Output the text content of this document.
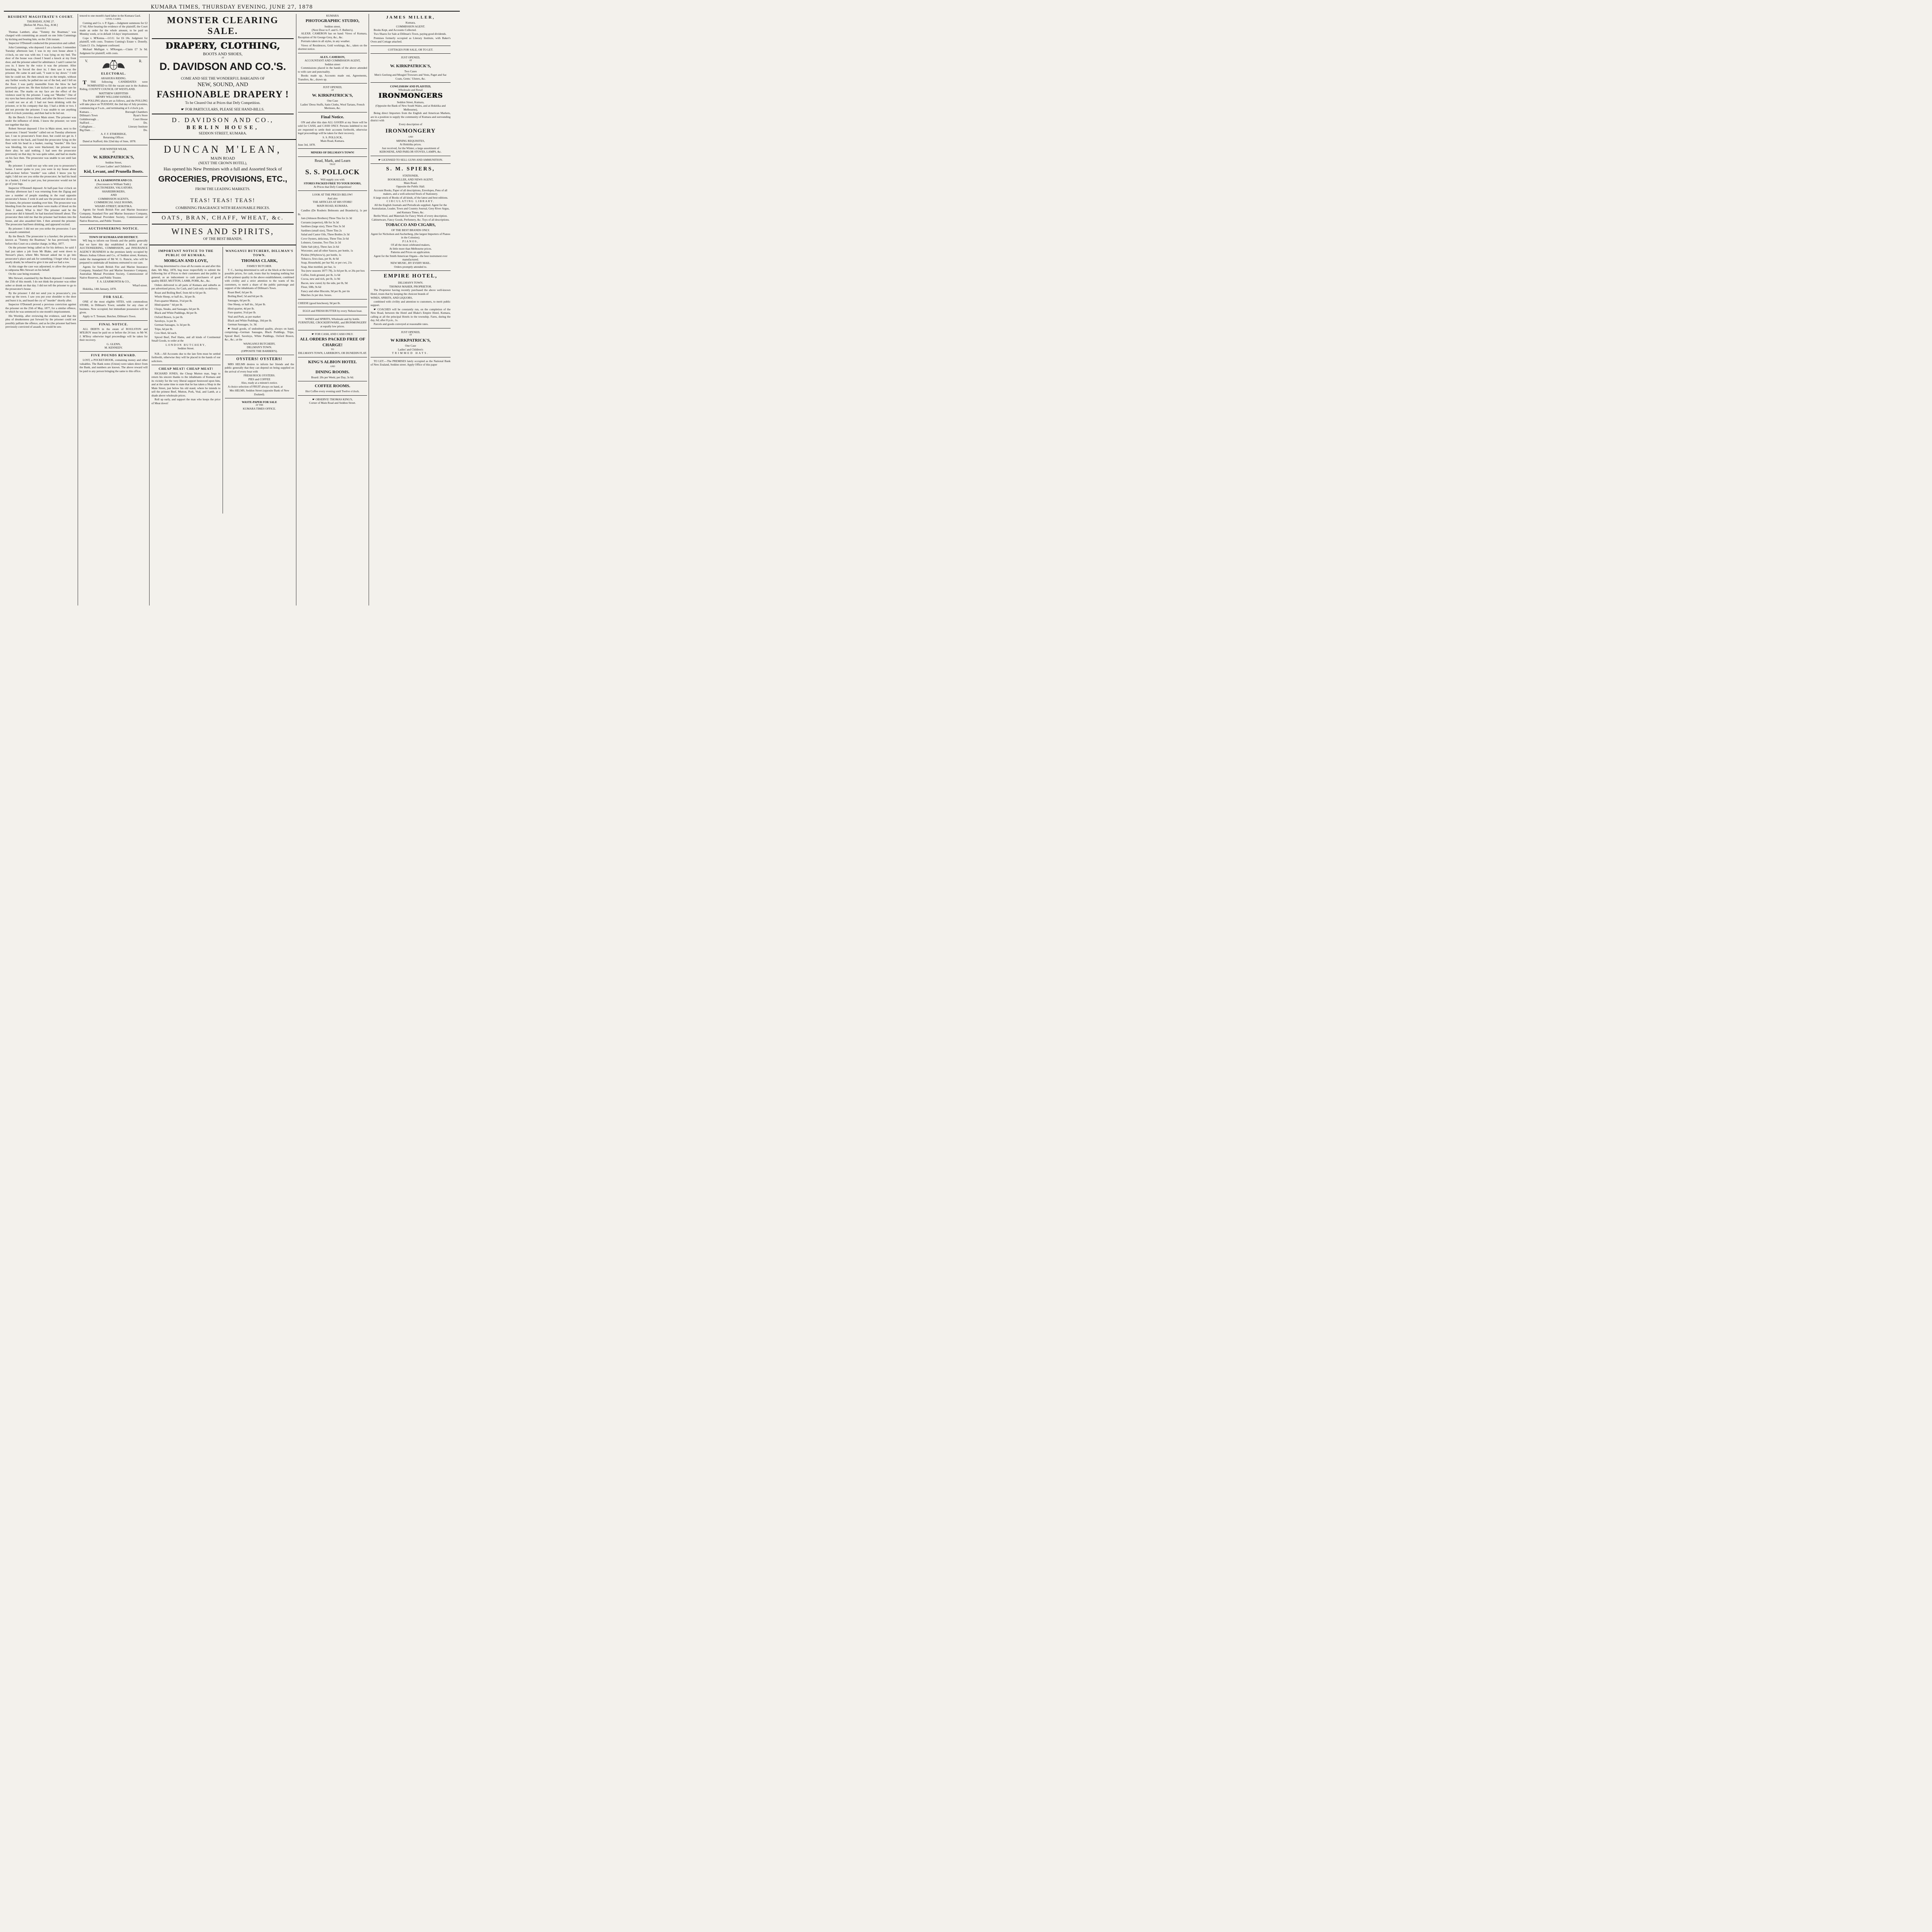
KUMARA TIMES, THURSDAY EVENING, JUNE 27, 1878
RESIDENT MAGISTRATE'S COURT.
THURSDAY, JUNE 27.
[Before M. Price, Esq., R.M.]
ASSAULT.
Thomas Lambert, alias "Tommy the Boatman," was charged with committing an assault on one John Cummings by kicking and beating him, on the 25th instant.
Inspector O'Donnell conducted the prosecution and called:
John Cummings, who deposed: I am a hawker. I remember Tuesday afternoon last; I was in my own house about 5 o'clock, no one was with me; I was lying on my bed. The door of the house was closed I heard a knock at my front door, and the prisoner asked for admittance. I said I cannot let you in. I knew by the voice it was the prisoner. After knocking, he forced the door in; I then saw it was the prisoner. He came in and said, "I want to lay down." I told him he could not. He then struck me on the temple, without any further words; he pulled me out of the bed, and I fell on the floor. I was partly insensible from the blow he had previously given me. He then kicked me; I am quite sure he kicked me. The marks on my face are the effect of the violence used by the prisoner. I sang out "Murder." One of my eyes has been always blind, and after the blows I received I could not see at all. I had not been drinking with the prisoner, or in his company that day. I had a drink or two. I did not provoke the prisoner. I was unable to see anything until 4 o'clock yesterday, and then had to be led out.
By the Bench: I live down Main street. The prisoner was under the influence of drink. I know the prisoner; we were not together that day.
Robert Stewart deposed: I live in Main street, next to the prosecutor. I heard "murder" called out on Tuesday afternoon last. I ran to prosecutor's front door, but could not get in. I then went to the back, and found the prosecutor lying on the floor with his head in a basket, roaring "murder." His face was bleeding, his eyes were blackened; the prisoner was there also; he said nothing. I had seen the prosecutor previously on that day; he was quite sober, and had no marks on his face then. The prosecutor was unable to see until last night.
By prisoner: I could not say who sent you to prosecutor's house. I never spoke to you; you were in my house about half-an-hour before "murder" was called. I know you by sight; I did not see you strike the prosecutor; he had his head in a basket, I tried to part you, but prosecutor would not let go of your legs.
Inspector O'Donnell deposed: At half-past four o'clock on Tuesday afternoon last I was returning from the Zigzag and saw a number of people standing in the road opposite prosecutor's house. I went in and saw the prosecutor down on his knees, the prisoner standing over him. The prosecutor was bleeding from the nose and there were marks of blood on the floor. I asked, What is this? The prisoner said he the prosecutor did it himself; he had knocked himself about. The prosecutor then told me that the prisoner had broken into the house, and also assaulted him. I then arrested the prisoner. The prosecutor had been drinking, and appeared excited.
By prisoner: I did not see you strike the prosecutor. I saw no assault committed.
By the Bench: The prosecutor is a hawker; the prisoner is known as "Tommy the Boatman," he has previously been before this Court on a similar charge, in May, 1877.
On the prisoner being called on for his defence, he said: I had just taken a job from Mr Blake, and went down to Stewart's place, where Mrs Stewart asked me to go into prosecutor's place and ask for something; I forget what. I was nearly drunk; he refused to give it me and we had a row.
At this stage the case was adjourned, to allow the prisoner to subpoena Mrs Stewart on his behalf.
On the case being resumed,
Mrs Stewart, examined by the Bench deposed: I remember the 25th of this month. I do not think the prisoner was either sober or drunk on that day. I did not tell the prisoner to go to the prosecutor's house.
By the prisoner: I did not send you to prosecutor's; you went up the town. I saw you put your shoulder to the door and burst it in, and heard the cry of "murder" shortly after.
Inspector O'Donnell proved a previous conviction against the prisoner on the 25th of May, 1877, for a similar offence, in which he was sentenced to one month's imprisonment.
His Worship, after reviewing the evidence, said that the plea of drunkenness put forward by the prisoner could not possibly palliate the offence, and as he (the prisoner had been previously convicted of assault, he would be sen-
tenced to one month's hard labor in the Kumara Gaol.
CIVIL CASES.
Cuming and Co. v. P. Egan.—Judgment summons for £2 17 6d. After hearing the evidence of the plaintiff, the Court made an order for the whole amount, to be paid on Monday week, or in default 14 days' imprisonment.
Cope v. M'Kenna.—I.O.U. for £6 10s. Judgment for plaintiff, with costs. Trustees Cuming's Estate v. Donelly. Claim £1 15s. Judgment confessed.
Michael Mulligan v. M'Keegan.—Claim £7 3s 9d. Judgment for plaintiff, with costs.
V.	R.
ELECTORAL.
ARAHURA RIDING.
T THE following CANDIDATES were NOMINATED to fill the vacant seat in the Arahura Riding, COUNTY COUNCIL OF WESTLAND.
MATTHEW GRIFFITHS
HENRY WILLIAM SANDLE.
The POLLING places are as follows, and the POLLING will take place on TUESDAY, the 2nd day of July proximo, commencing at 9 a.m., and terminating at 6 o'clock p.m.
Kumara . .	Borough Chambers
Dillman's Town	Ryan's Store
Goldsborough . .	Court House
Stafford . . .	Do.
Callaghans . .	Literary Institute
Big Dam . . .	Do.
A. F. F. ETHERIDGE,
Returning Officer.
Dated at Stafford, this 22nd day of June, 1878.
FOR WINTER WEAR,
AT
W. KIRKPATRICK'S,
Seddon Street,
6 Cases Ladies' and Children's
Kid, Levant, and Prunella Boots.
F. A. LEARMONTH AND CO.
(Successors to William Todd.)
AUCTIONEERS, VALUATORS.
SHAREBROKERS,
AND
COMMISSION AGENTS,
COMMERCIAL SALE ROOMS,
WHARF-STREET, HOKITIKA.
Agents for South British Fire and Marine Insurance Company, Standard Fire and Marine Insurance Company, Australian Mutual Provident Society, Commissioner of Native Reserves, and Public Trustee.
AUCTIONEERING NOTICE.
TOWN OF KUMARA AND DISTRICT.
WE beg to inform our friends and the public generally that we have this day established a Branch of our AUCTIONEERING, COMMISSION, and INSURANCE AGENCY BUSINESS in the premises lately occupied by Messrs Joshua Gibson and Co., of Seddon street, Kumara, under the management of Mr W. G. Runcie, who will be prepared to undertake all business entrusted to our care.
Agents for South British Fire and Marine Insurance Company, Standard Fire and Marine Insurance Company, Australian Mutual Provident Society, Commissioner of Native Reserves, and Public Trustee.
F. A. LEARMONTH & CO.,
Wharf-street.
Hokitika, 14th January, 1878.
FOR SALE.
ONE of the most eligible SITES, with commodious STORE, in Dillman's Town; suitable for any class of business. Now occupied, but immediate possession will be given.
Apply to T. Tennant, Butcher, Dillman's Town.
FINAL NOTICE.
ALL DEBTS in the estate of ROULSTON and M'ILROY must be paid on or before the 24 inst. to Mr W. J. M'Ilroy otherwise legal proceedings will be taken for their recovery.
G. GLENN,
M. KENNEDY.
FIVE POUNDS REWARD.
LOST, a POCKET-BOOK, containing money and other valuables. The Bank notes (Union) were taken direct from the Bank, and numbers are known. The above reward will be paid to any person bringing the same to this office.
MONSTER CLEARING SALE.
DRAPERY, CLOTHING,
BOOTS AND SHOES,
AT
D. DAVIDSON AND CO.'S.
COME AND SEE THE WONDERFUL BARGAINS OF
NEW, SOUND, AND
FASHIONABLE DRAPERY !
To be Cleared Out at Prices that Defy Competition.
☛ FOR PARTICULARS, PLEASE SEE HAND-BILLS.
D. DAVIDSON AND CO.,
BERLIN HOUSE,
SEDDON STREET, KUMARA.
DUNCAN M'LEAN,
MAIN ROAD
(NEXT THE CROWN HOTEL),
Has opened his New Premises with a full and Assorted Stock of
GROCERIES, PROVISIONS, ETC.,
FROM THE LEADING MARKETS.
TEAS! TEAS! TEAS!
COMBINING FRAGRANCE WITH REASONABLE PRICES.
OATS, BRAN, CHAFF, WHEAT, &c.
WINES AND SPIRITS,
OF THE BEST BRANDS.
IMPORTANT NOTICE TO THE PUBLIC OF KUMARA.
MORGAN AND LOVE,
Having determined to close all Accounts on and after this date, 6th May, 1878, beg most respectfully to submit the following list of Prices to their customers and the public in general, as an inducement to cash purchasers of good quality BEEF, MUTTON, LAMB, PORK, &c., &c.
Orders delivered to all parts of Kumara and suburbs as per advertised prices, for Cash, and Cash only on delivery.
Roast and Boiling Beef, from 4d to 6d per lb.
Whole Sheep, or half do., 3d per lb.
Fore-quarter Mutton, 3½d per lb.
Hind-quarter " 4d per lb.
Chops, Steaks, and Sausages, 6d per lb.
Black and White Puddings, 8d per lb.
Oxford Brawn, 1s per lb.
Saveloys, 1s per lb.
German Sausages, 1s 3d per lb.
Tripe, 6d per lb.
Cow Heel, 6d each.
Spiced Beef, Peef Hams, and all kinds of Continental Small Goods, to order at the
LONDON BUTCHERY,
Seddon Street.
N.B.—All Accounts due to the late firm must be settled forthwith, otherwise they will be placed in the hands of our solicitors.
CHEAP MEAT! CHEAP MEAT!
RICHARD JONES, the Cheap Mutton man, begs to return his sincere thanks to the inhabitants of Kumara and its vicinity for the very liberal support bestowed upon him, and at the same time to state that he has taken a Shop in the Main Street, just below his old stand, where he intends to sell the primest Beef, Mutton, Pork, Veal, and Lamb, at a shade above wholesale prices.
Roll up early, and support the man who keeps the price of Meat down!
WANGANUI BUTCHERY, DILLMAN'S TOWN.
THOMAS CLARK,
FAMILY BUTCHER.
T. C., having determined to sell at the block at the lowest possible prices, for cash, trusts that by keeping nothing but of the primest quality in the above establishment, combined with civility and a strict attention to the wants of his customers, to merit a share of the public patronage and support of the inhabitants of Dillman's Town.
Roast Beef, 6d per lb.
Boiling Beef, 5d and 6d per lb.
Sausages, 6d per lb.
One Sheep, or half do., 3d per lb.
Hind quarter, 4d per lb.
Fore quarter, 3½d per lb.
Veal and Pork, as per market
Black and White Puddings, 10d per lb.
German Sausages, 1s. 3d.
☛ Small goods, of undoubted quality, always on hand, comprising—German Sausages, Black Puddings, Tripe, Spiced Beef, Saveloys, White Puddings, Oxford Brawn, &c., &c.; at the
WANGANUI BUTCHERY,
DILLMAN'S TOWN.
(OPPOSITE THE BARBER'S).
OYSTERS! OYSTERS!
MRS HELMS desires to inform her friends and the public generally that they can depend on being supplied on the arrival of every boat with
FRESH ROCK OYSTERS.
PIES and COFFEE
Also, ready at a minute's notice.
A choice selection of FRUIT always on hand, at
Mrs HELMS, Seddon Street (opposite Bank of New Zealand).
WASTE-PAPER FOR SALE
AT THE
KUMARA TIMES OFFICE.
KUMARA
PHOTOGRAPHIC STUDIO,
Seddon street,
(Next Door to F. and G. F. Bullen's).
ALEXR. CAMERON has on hand: Views of Kumara, Reception of Sir George Grey, &c., &c.
Portraits taken in all styles, in any weather.
Views of Residences, Gold workings, &c., taken on the shortest notice.
ALEX. CAMERON,
ACCOUNTANT AND COMMISSION AGENT,
Seddon street
Commissions placed in the hands of the above attended to with care and punctuality.
Books made up, Accounts made out, Agreements, Transfers, &c., drawn up.
JUST OPENED,
AT
W. KIRKPATRICK'S,
One Case
Ladies' Dress Stuffs, Satin Cloths, Wool Tartans, French Merinoes, &c.
Final Notice.
ON and after this date ALL GOODS at my Store will be sold for CASH, and CASH ONLY. Persons indebted to me are requested to settle their accounts forthwith, otherwise legal proceedings will be taken for their recovery.
S. S. POLLOCK,
Main Road, Kumara.
June 3rd, 1878.
MINERS OF DILLMAN'S TOWN!
Read, Mark, and Learn
THAT
S. S. POLLOCK
Will supply you with
STORES PACKED FREE TO YOUR DOORS,
At Prices that Defy Competition!
LOOK AT THE PRICES BELOW!
And also
THE ARTICLES AT HIS STORE!
MAIN ROAD, KUMARA.
Candles (De Roubeix Belmonts and Brandon's), 1s per lb.
Jam (Johnson Brothers) Three Tins for 2s 3d
Currants (superior), 6lb for 3s 3d
Sardines (large size), Three Tins 3s 3d
Sardines (small size), Three Tins 2s
Salad and Castor Oils, Three Bottles 2s 3d
Cove Oysters, delicious, Three Tins 2s 6d
Lobsters, Genuine, Two Tins 2s 3d
Table Salt (dry), Three Jars 2s 6d
Worcester, and all other Sauces, per bottle, 1s
Pickles (Whybrow's), per bottle, 1s
Tobacco, first-class, per lb, 4s 6d
Soap, Household, per bar 9d, or per cwt, 21s
Soap, blue mottled, per bar, 1s
Tea (new seasons 1877-78), 2s 6d per lb, or 26s per box
Coffee, fresh ground, per lb, 1s 6d
Cocoa, new and rich, per lb, 1s 9d
Bacon, new cured, by the side, per lb, 9d
Flour, 50lb, 9s 6d
Fancy and other Biscuits, 9d per lb, per tin
Matches 2s per doz. boxes.
CHEESE (good luncheon), 9d per lb.
EGGS and FRESH BUTTER by every Nelson boat.
WINES and SPIRITS, Wholesale and by bottle.
FURNITURE, CROCKERYWARE, and IRONMONGERY at equally low prices.
☛ FOR CASH, AND CASH ONLY.
ALL ORDERS PACKED FREE OF CHARGE!
TO
DILLMAN'S TOWN, LARRIKIN'S, OR DUNEDIN FLAT.
KING'S ALBION HOTEL
AND
DINING ROOMS.
Board: 20s per Week; per Day, 3s 6d.
COFFEE ROOMS.
Hot Coffee every evening until Twelve o'clock.
☛ OBSERVE! THOMAS KING'S,
Corner of Main Road and Seddon Street.
JAMES MILLER,
Kumara,
COMMISSION AGENT.
Books Kept, and Accounts Collected.
Two Shares for Sale at Dillman's Town, paying good dividends.
Premises formerly occupied as Literary Institute, with Baker's Oven and Cottage attached.
COTTAGES FOR SALE, OR TO LET.
JUST OPENED,
AT
W. KIRKPATRICK'S,
Two Cases
Men's Geelong and Mosgiel Trowsers and Vests, Paget and Sac Coats, Gents.' Ulsters, &c.
COWLISHAW AND PLAISTED,
Wholesale and Retail
IRONMONGERS
Seddon Street, Kumara,
(Opposite the Bank of New South Wales, and at Hokitika and Melbourne),
Being direct Importers from the English and American Markets, are in a position to supply the community of Kumara and surrounding district with
Every description of
IRONMONGERY
AND
MINING REQUISITES,
At Hokitika prices.
Just received, for the Winter, a large assortment of
KEROSENE, AND PARLOR STOVES, LAMPS, &c.
☛ LICENSED TO SELL GUNS AND AMMUNITION.
S. M. SPIERS,
STATIONER,
BOOKSELLER, AND NEWS AGENT,
Main Road.
Opposite the Public Hall.
Account Books, Paper of all descriptions, Envelopes, Pens of all makers, and a well-selected Stock of Stationery.
A large stock of Books of all kinds, of the latest and best editions.
CIRCULATING LIBRARY.
All the English Journals and Periodicals supplied. Agent for the Australasian, Leader, Town and Country Journal, Grey River Argus, and Kumara Times, &c.
Berlin Wool, and Materials for Fancy Work of every description.
Cabinetware, Fancy Goods, Perfumery, &c. Toys of all descriptions.
TOBACCO AND CIGARS,
OF THE BEST BRANDS ONLY.
Agent for Nicholson and Ascherberg, (the largest Importers of Pianos in the Colonies).
PIANOS,
Of all the most celebrated makers,
At little more than Melbourne prices.
Patterns and Prices on application.
Agent for the Smith American Organs—the best instrument ever manufactured.
NEW MUSIC, BY EVERY MAIL.
Orders promptly attended to.
EMPIRE HOTEL,
DILLMAN'S TOWN.
THOMAS MAHER, PROPRIETOR.
The Proprietor having recently purchased the above well-known Hotel, trusts that by keeping the choicest brands of
WINES, SPIRITS, AND LIQUORS,
combined with civility and attention to customers, to merit public support.
☛ COACHES will be constantly run, on the completion of the New Road, between the Hotel and Blake's Empire Hotel, Kumara, calling at all the principal Hotels in the township. Fares, during the day, 6d; after 8 p.m., 1s.
Parcels and goods conveyed at reasonable rates.
JUST OPENED,
AT
W KIRKPATRICK'S,
One Case
Ladies' and Children's
TRIMMED HATS.
TO LET.—The PREMISES lately occupied as the National Bank of New Zealand, Seddon street. Apply Office of this paper
